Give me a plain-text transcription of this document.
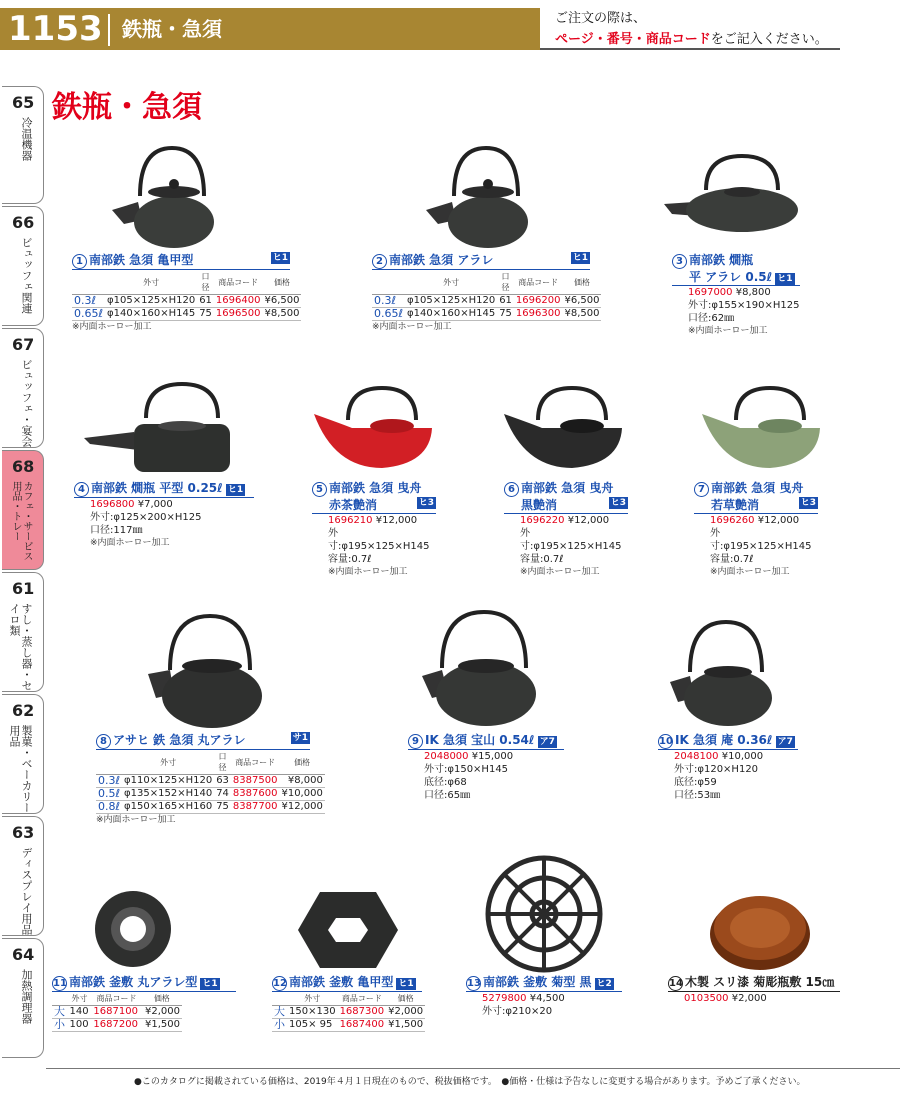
1153 鉄瓶・急須	ご注文の際は、
ページ・番号・商品コードをご記入ください。
鉄瓶・急須
65
冷温機器
66
ビュッフェ関連
67
ビュッフェ・宴会
68
カフェ・サービス用品・トレー
61
すし・蒸し器・セイロ類
62
製菓・ベーカリー用品
63
ディスプレイ用品
64
加熱調理器
1 南部鉄 急須 亀甲型	ヒ1
	外寸	口径	商品コード	価格
0.3ℓ	φ105×125×H120	61	1696400	¥6,500
0.65ℓ	φ140×160×H145	75	1696500	¥8,500
※内面ホーロー加工
2 南部鉄 急須 アラレ	ヒ1
	外寸	口径	商品コード	価格
0.3ℓ	φ105×125×H120	61	1696200	¥6,500
0.65ℓ	φ140×160×H145	75	1696300	¥8,500
※内面ホーロー加工
3 南部鉄 燗瓶
平 アラレ 0.5ℓ ヒ1
1697000 ¥8,800
外寸:φ155×190×H125
口径:62㎜
※内面ホーロー加工
4 南部鉄 燗瓶 平型 0.25ℓ ヒ1
1696800 ¥7,000
外寸:φ125×200×H125
口径:117㎜
※内面ホーロー加工
5 南部鉄 急須 曳舟
赤茶艶消	ヒ3
1696210 ¥12,000
外寸:φ195×125×H145
容量:0.7ℓ
※内面ホーロー加工
6 南部鉄 急須 曳舟
黒艶消	ヒ3
1696220 ¥12,000
外寸:φ195×125×H145
容量:0.7ℓ
※内面ホーロー加工
7 南部鉄 急須 曳舟
若草艶消	ヒ3
1696260 ¥12,000
外寸:φ195×125×H145
容量:0.7ℓ
※内面ホーロー加工
8 アサヒ 鉄 急須 丸アラレ	サ1
	外寸	口径	商品コード	価格
0.3ℓ	φ110×125×H120	63	8387500	¥8,000
0.5ℓ	φ135×152×H140	74	8387600	¥10,000
0.8ℓ	φ150×165×H160	75	8387700	¥12,000
※内面ホーロー加工
9 IK 急須 宝山 0.54ℓ ア7
2048000 ¥15,000
外寸:φ150×H145
底径:φ68
口径:65㎜
10 IK 急須 庵 0.36ℓ ア7
2048100 ¥10,000
外寸:φ120×H120
底径:φ59
口径:53㎜
11 南部鉄 釜敷 丸アラレ型 ヒ1
	外寸	商品コード	価格
大	140	1687100	¥2,000
小	100	1687200	¥1,500
12 南部鉄 釜敷 亀甲型 ヒ1
	外寸	商品コード	価格
大	150×130	1687300	¥2,000
小	105× 95	1687400	¥1,500
13 南部鉄 釜敷 菊型 黒 ヒ2
5279800 ¥4,500
外寸:φ210×20
14 木製 スリ漆 菊彫瓶敷 15㎝
0103500 ¥2,000
●このカタログに掲載されている価格は、2019年４月１日現在のもので、税抜価格です。　●価格・仕様は予告なしに変更する場合があります。予めご了承ください。
